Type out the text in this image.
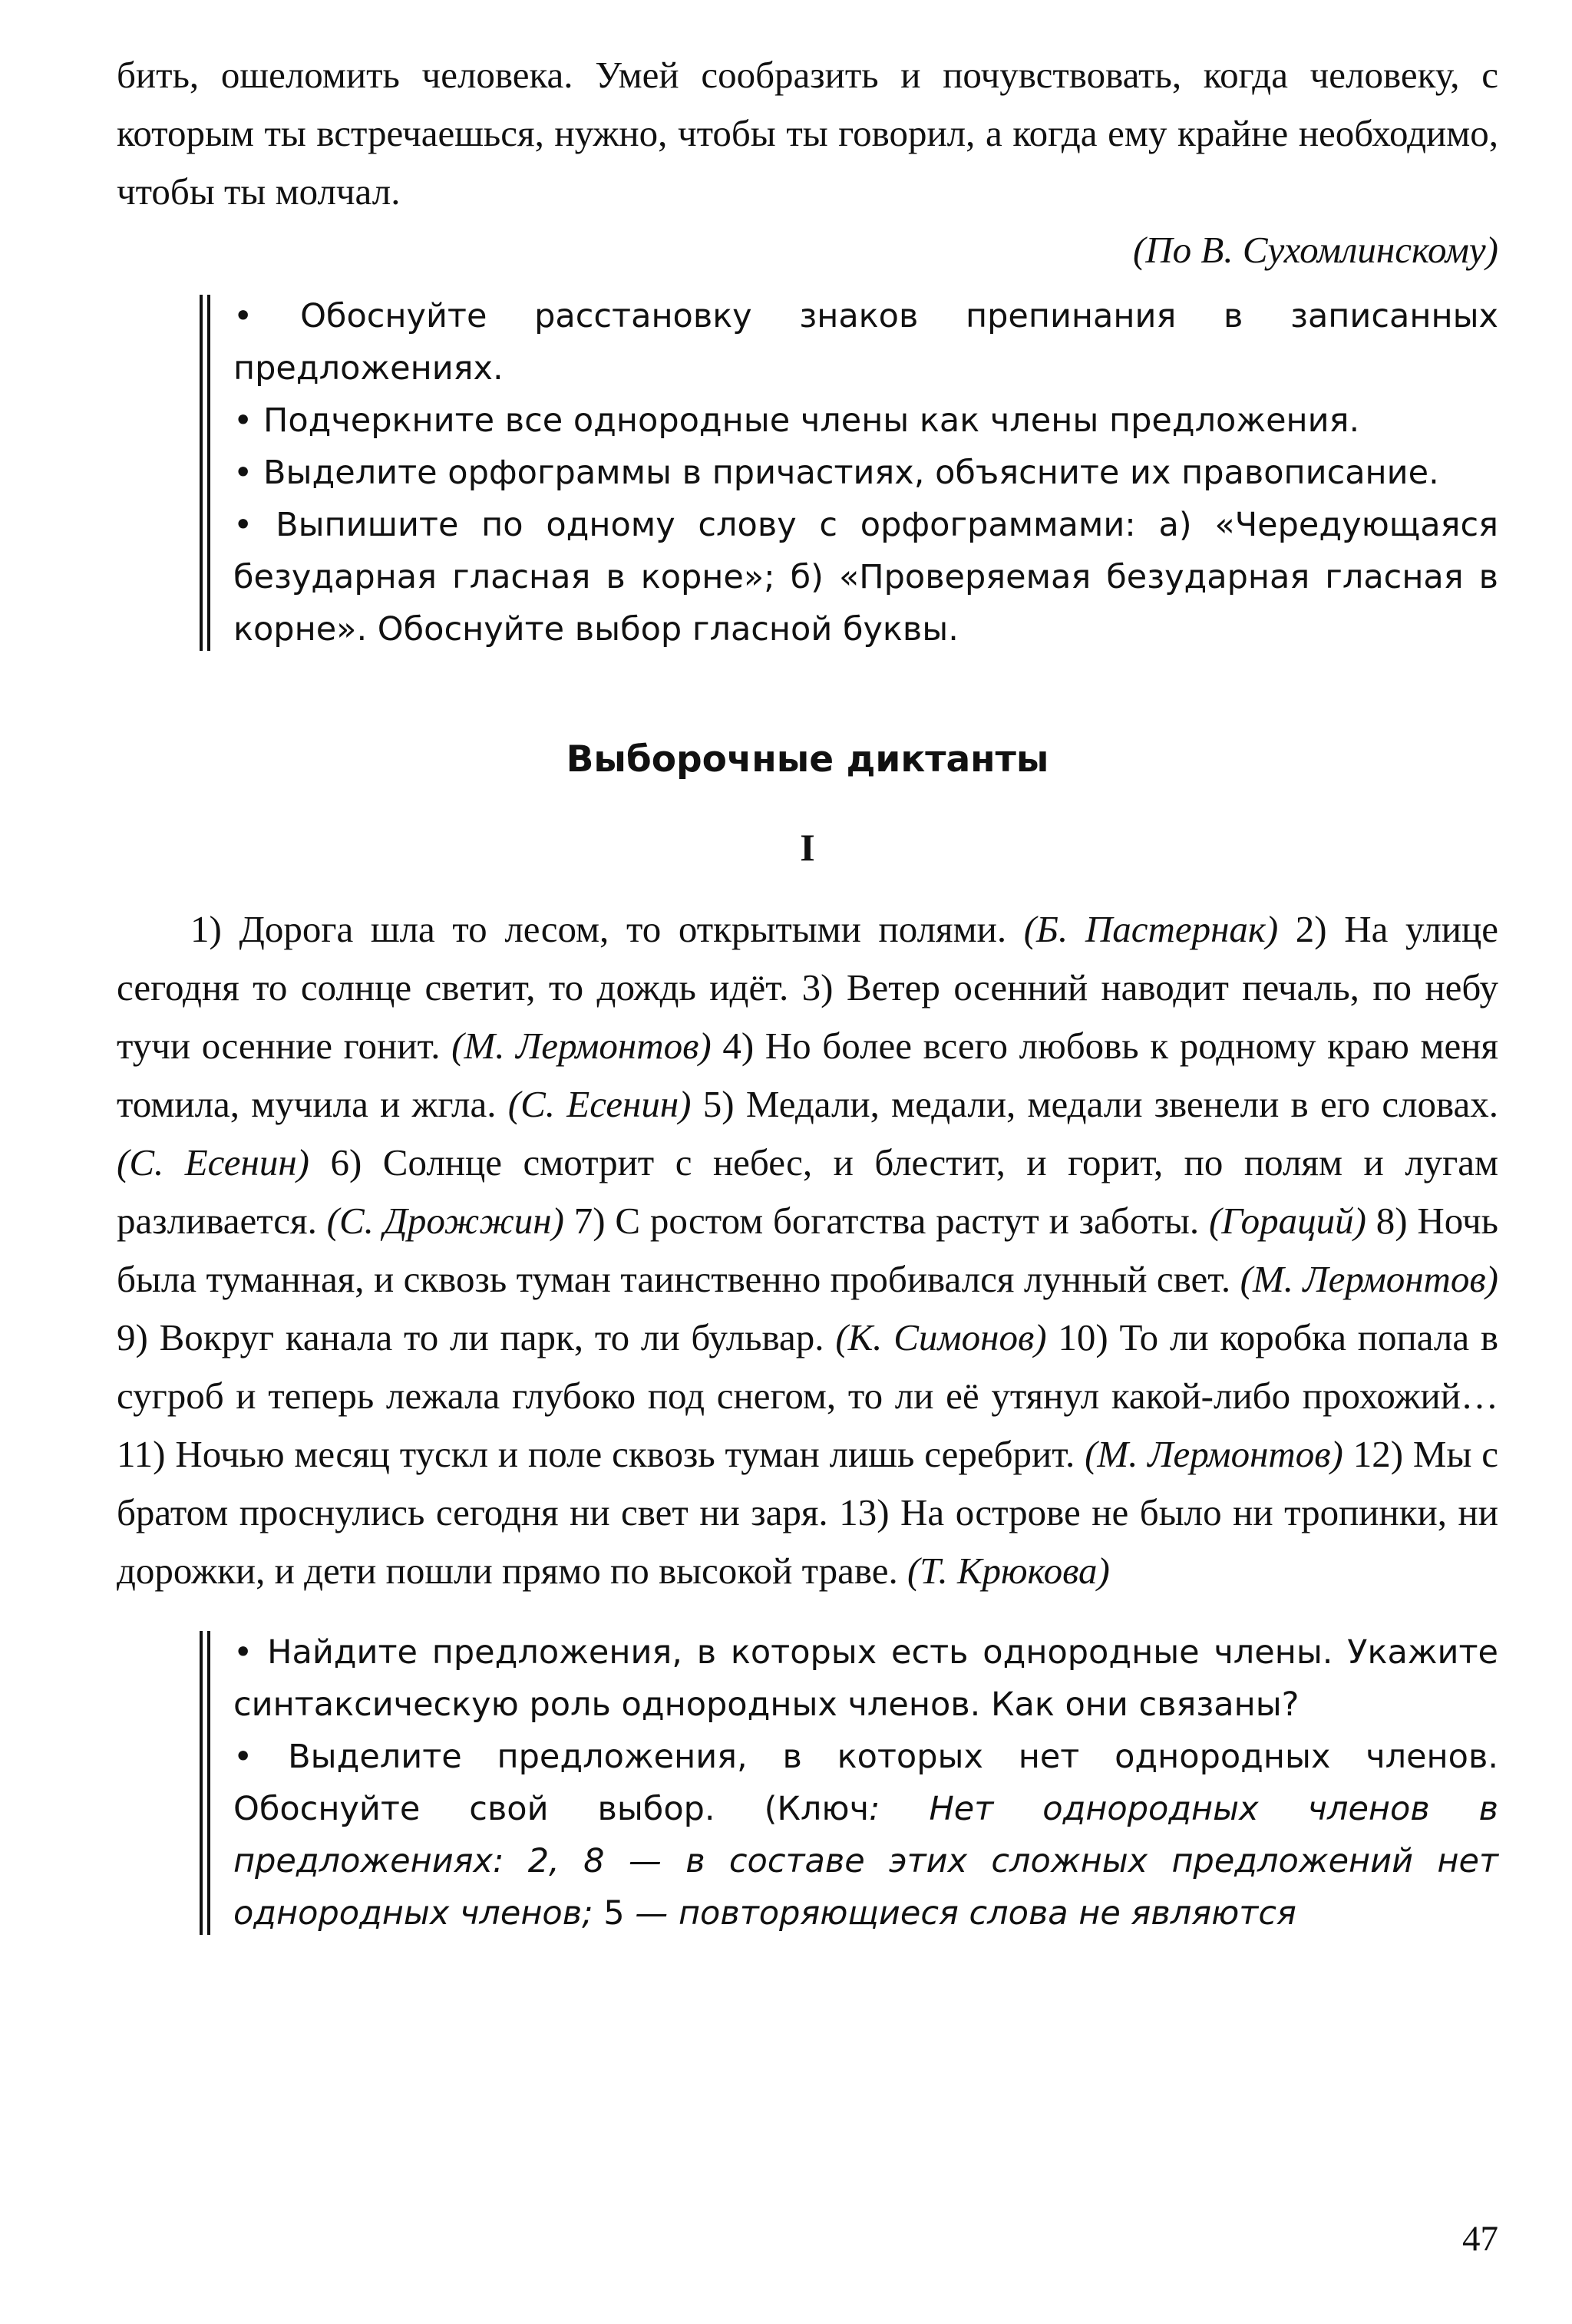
бить, ошеломить человека. Умей сообразить и почувствовать, когда человеку, с которым ты встречаешься, нужно, чтобы ты говорил, а когда ему крайне необходимо, чтобы ты молчал.

(По В. Сухомлинскому)

• Обоснуйте расстановку знаков препинания в записанных предложениях.

• Подчеркните все однородные члены как члены предложения.

• Выделите орфограммы в причастиях, объясните их правописание.

• Выпишите по одному слову с орфограммами: а) «Чередующаяся безударная гласная в корне»; б) «Проверяемая безударная гласная в корне». Обоснуйте выбор гласной буквы.

Выборочные диктанты
I
1) Дорога шла то лесом, то открытыми полями. (Б. Пастернак) 2) На улице сегодня то солнце светит, то дождь идёт. 3) Ветер осенний наводит печаль, по небу тучи осенние гонит. (М. Лермонтов) 4) Но более всего любовь к родному краю меня томила, мучила и жгла. (С. Есенин) 5) Медали, медали, медали звенели в его словах. (С. Есенин) 6) Солнце смотрит с небес, и блестит, и горит, по полям и лугам разливается. (С. Дрожжин) 7) С ростом богатства растут и заботы. (Гораций) 8) Ночь была туманная, и сквозь туман таинственно пробивался лунный свет. (М. Лермонтов) 9) Вокруг канала то ли парк, то ли бульвар. (К. Симонов) 10) То ли коробка попала в сугроб и теперь лежала глубоко под снегом, то ли её утянул какой-либо прохожий… 11) Ночью месяц тускл и поле сквозь туман лишь серебрит. (М. Лермонтов) 12) Мы с братом проснулись сегодня ни свет ни заря. 13) На острове не было ни тропинки, ни дорожки, и дети пошли прямо по высокой траве. (Т. Крюкова)

• Найдите предложения, в которых есть однородные члены. Укажите синтаксическую роль однородных членов. Как они связаны?

• Выделите предложения, в которых нет однородных членов. Обоснуйте свой выбор. (Ключ: Нет однородных членов в предложениях: 2, 8 — в составе этих сложных предложений нет однородных членов; 5 — повторяющиеся слова не являются

47
